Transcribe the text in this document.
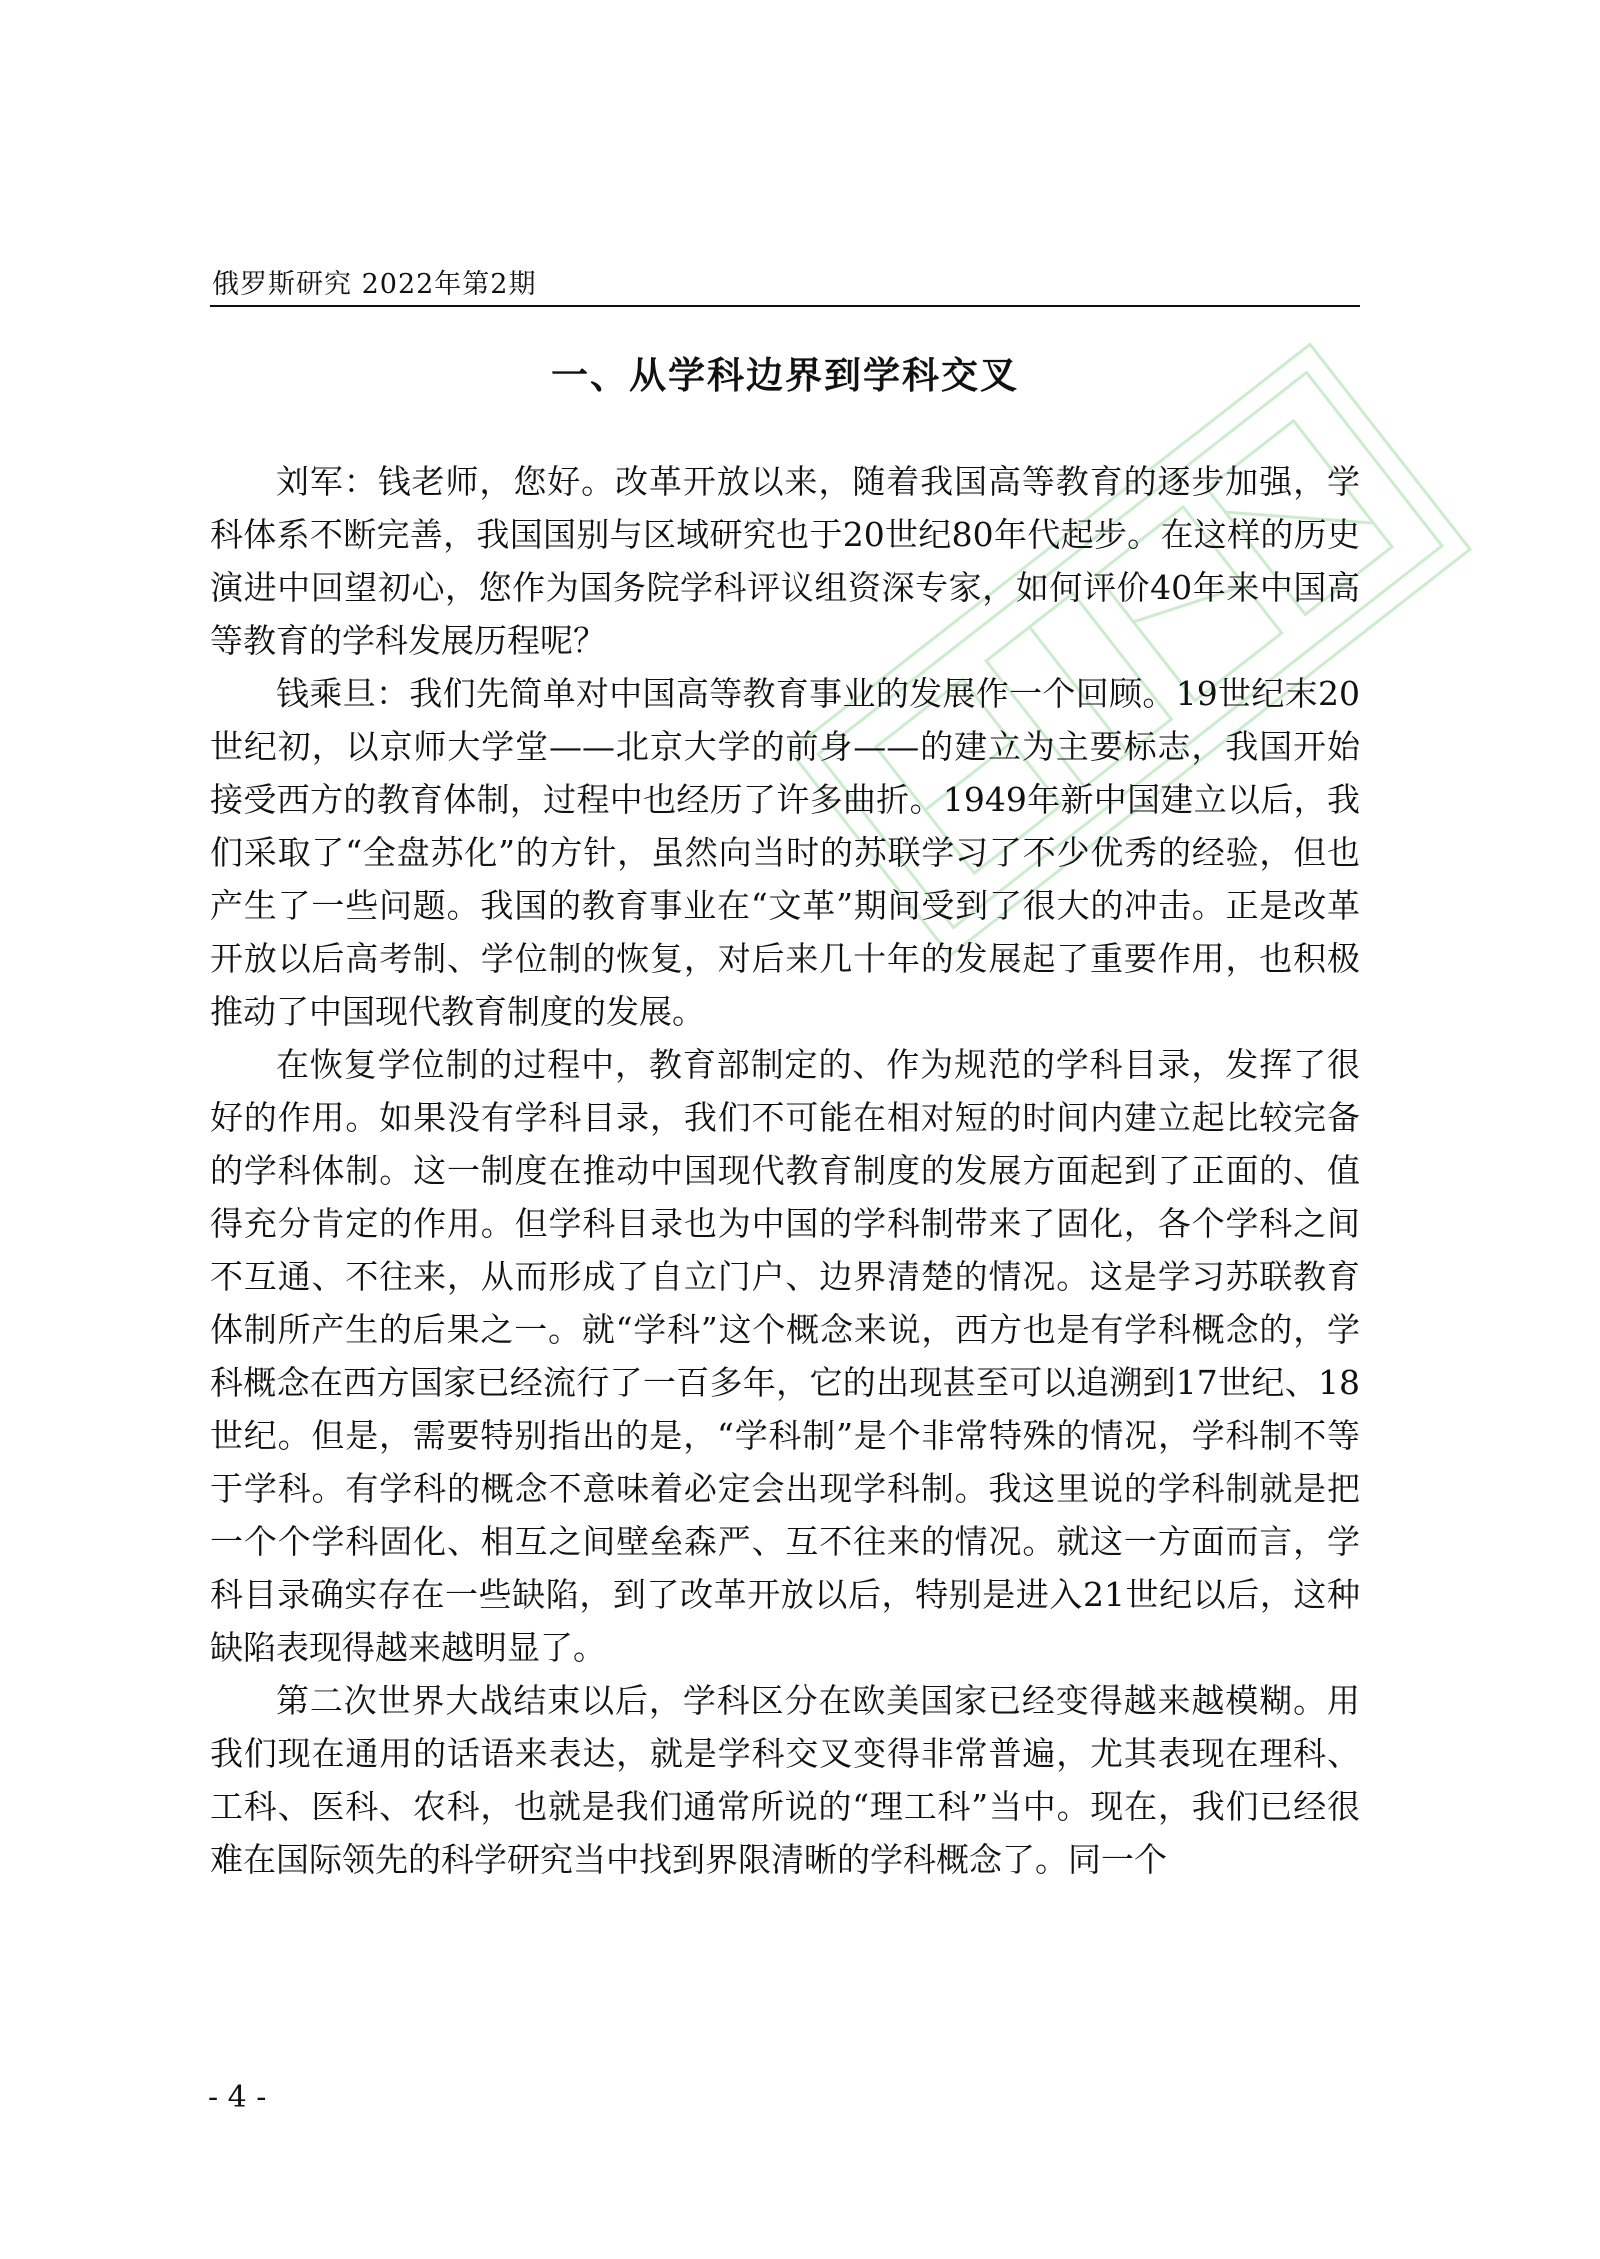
俄罗斯研究 2022年第2期
一、从学科边界到学科交叉

刘军：钱老师，您好。改革开放以来，随着我国高等教育的逐步加强，学科体系不断完善，我国国别与区域研究也于20世纪80年代起步。在这样的历史演进中回望初心，您作为国务院学科评议组资深专家，如何评价40年来中国高等教育的学科发展历程呢？

钱乘旦：我们先简单对中国高等教育事业的发展作一个回顾。19世纪末20世纪初，以京师大学堂——北京大学的前身——的建立为主要标志，我国开始接受西方的教育体制，过程中也经历了许多曲折。1949年新中国建立以后，我们采取了“全盘苏化”的方针，虽然向当时的苏联学习了不少优秀的经验，但也产生了一些问题。我国的教育事业在“文革”期间受到了很大的冲击。正是改革开放以后高考制、学位制的恢复，对后来几十年的发展起了重要作用，也积极推动了中国现代教育制度的发展。

在恢复学位制的过程中，教育部制定的、作为规范的学科目录，发挥了很好的作用。如果没有学科目录，我们不可能在相对短的时间内建立起比较完备的学科体制。这一制度在推动中国现代教育制度的发展方面起到了正面的、值得充分肯定的作用。但学科目录也为中国的学科制带来了固化，各个学科之间不互通、不往来，从而形成了自立门户、边界清楚的情况。这是学习苏联教育体制所产生的后果之一。就“学科”这个概念来说，西方也是有学科概念的，学科概念在西方国家已经流行了一百多年，它的出现甚至可以追溯到17世纪、18世纪。但是，需要特别指出的是，“学科制”是个非常特殊的情况，学科制不等于学科。有学科的概念不意味着必定会出现学科制。我这里说的学科制就是把一个个学科固化、相互之间壁垒森严、互不往来的情况。就这一方面而言，学科目录确实存在一些缺陷，到了改革开放以后，特别是进入21世纪以后，这种缺陷表现得越来越明显了。

第二次世界大战结束以后，学科区分在欧美国家已经变得越来越模糊。用我们现在通用的话语来表达，就是学科交叉变得非常普遍，尤其表现在理科、工科、医科、农科，也就是我们通常所说的“理工科”当中。现在，我们已经很难在国际领先的科学研究当中找到界限清晰的学科概念了。同一个

- 4 -
